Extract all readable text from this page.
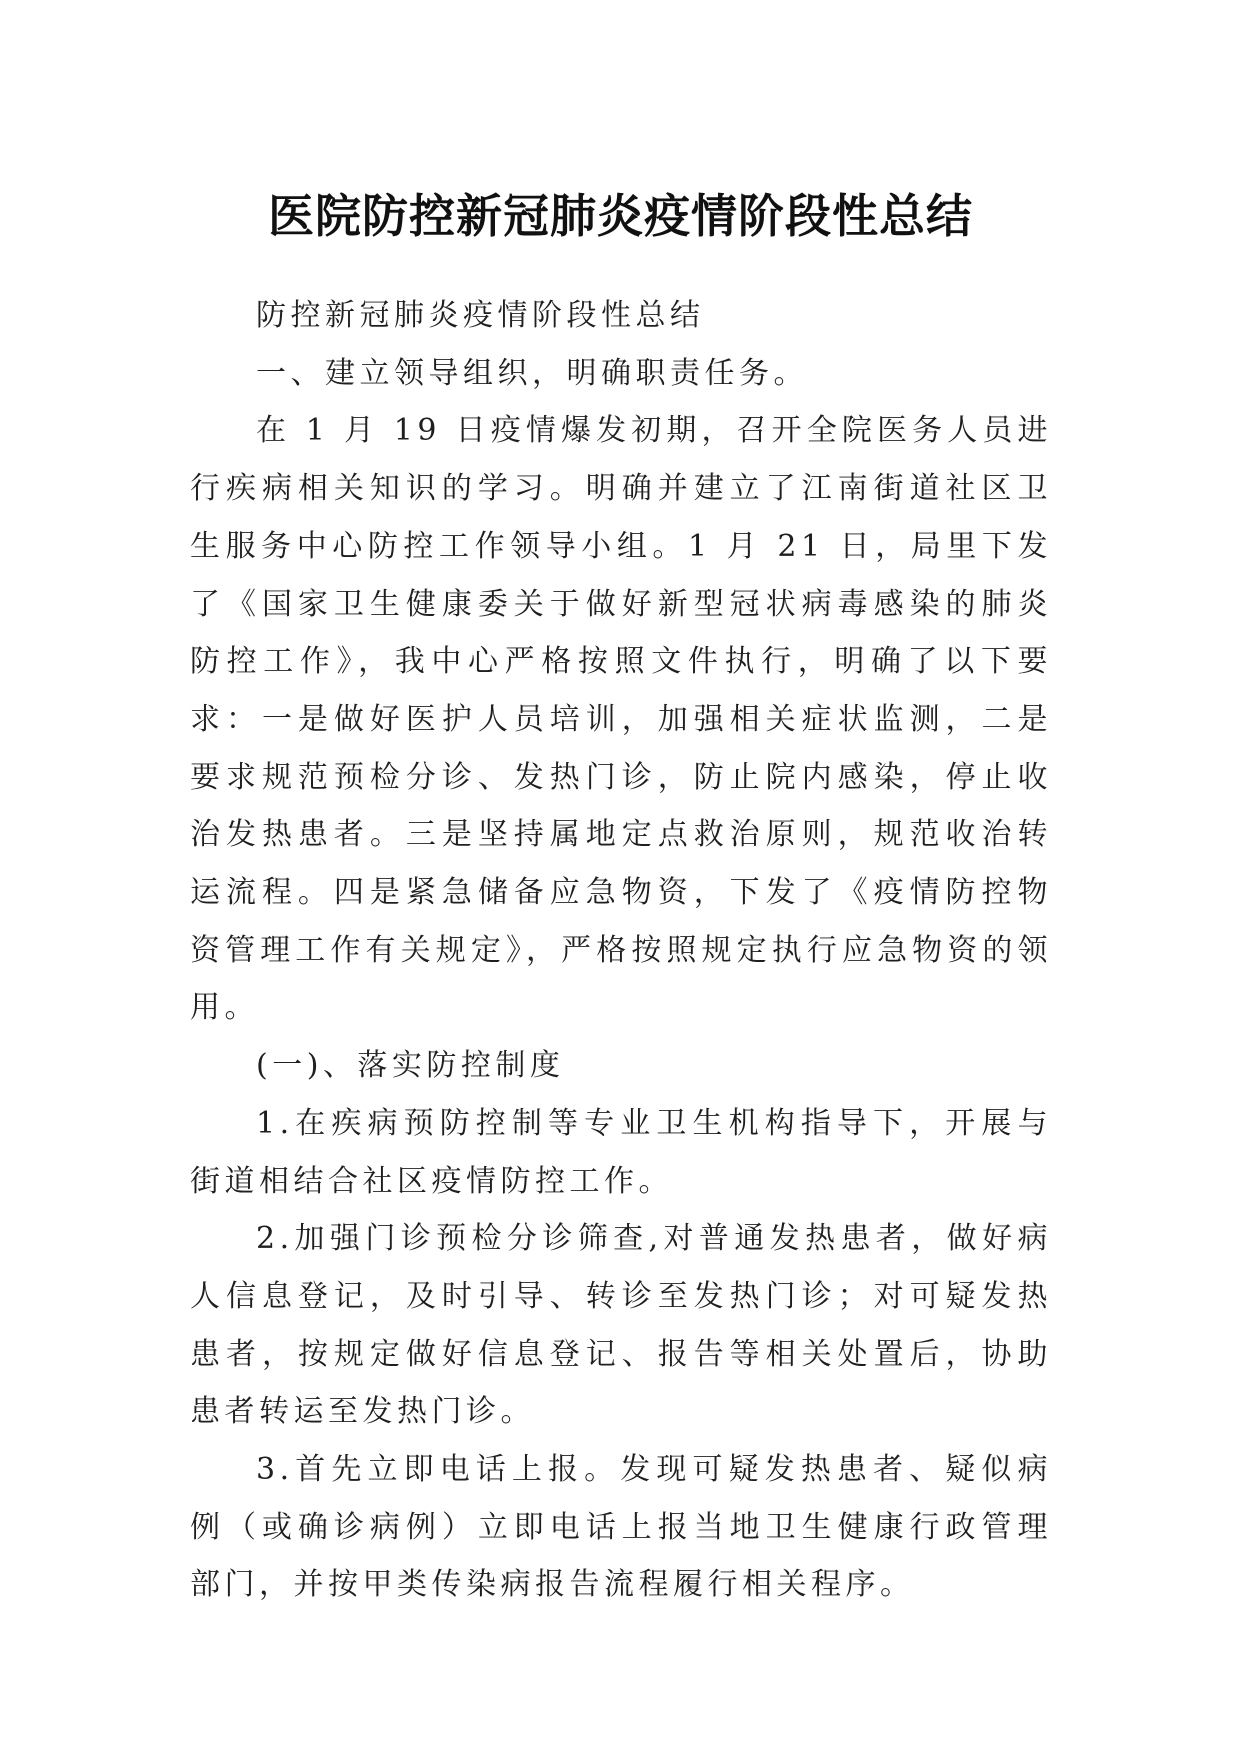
医院防控新冠肺炎疫情阶段性总结

防控新冠肺炎疫情阶段性总结

一、建立领导组织，明确职责任务。

在 1 月 19 日疫情爆发初期，召开全院医务人员进行疾病相关知识的学习。明确并建立了江南街道社区卫生服务中心防控工作领导小组。1 月 21 日，局里下发了《国家卫生健康委关于做好新型冠状病毒感染的肺炎防控工作》，我中心严格按照文件执行，明确了以下要求：一是做好医护人员培训，加强相关症状监测，二是要求规范预检分诊、发热门诊，防止院内感染，停止收治发热患者。三是坚持属地定点救治原则，规范收治转运流程。四是紧急储备应急物资，下发了《疫情防控物资管理工作有关规定》，严格按照规定执行应急物资的领用。

(一)、落实防控制度

1.在疾病预防控制等专业卫生机构指导下，开展与街道相结合社区疫情防控工作。

2.加强门诊预检分诊筛查,对普通发热患者，做好病人信息登记，及时引导、转诊至发热门诊；对可疑发热患者，按规定做好信息登记、报告等相关处置后，协助患者转运至发热门诊。

3.首先立即电话上报。发现可疑发热患者、疑似病例（或确诊病例）立即电话上报当地卫生健康行政管理部门，并按甲类传染病报告流程履行相关程序。
